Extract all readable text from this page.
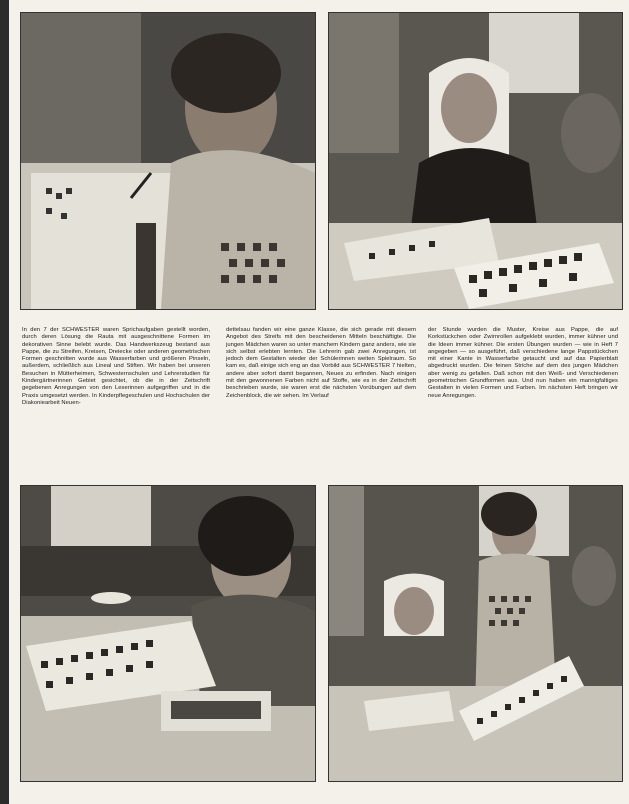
In den 7 der SCHWESTER waren Sprichaufgaben gestellt worden, durch deren Lösung die Rauta mit ausgeschnittene Formen im dekorativen Sinne belebt wurde. Das Handwerkszeug bestand aus Pappe, die zu Streifen, Kreisen, Dreiecke oder anderen geometrischen Formen geschnitten wurde aus Wasserfarben und größeren Pinseln, außerdem, schließlich aus Lineal und Stiften. Wir haben bei unseren Besuchen in Mütterheimen, Schwesternschulen und Lehrerstudien für Kindergärtnerinnen Gebiet gesichtet, ob die in der Zeitschrift gegebenen Anregungen von den Leserinnen aufgegriffen und in die Praxis umgesetzt werden. In Kinderpflegeschulen und Hochschulen der Diakoniearbeit Neuen-

dettelsau fanden wir eine ganze Klasse, die sich gerade mit diesem Angebot des Streifs mit den bescheidenen Mitteln beschäftigte. Die jungen Mädchen waren so unter manchem Kindern ganz anders, wie sie sich selbst erlebten lernten. Die Lehrerin gab zwei Anregungen, ist jedoch dem Gestalten wieder der Schülerinnen weiten Spielraum. So kam es, daß einige sich eng an das Vorbild aus SCHWESTER 7 hielten, andere aber sofort damit begannen, Neues zu erfinden. Nach einigen mit den gewonnenen Farben nicht auf Stoffe, wie es in der Zeitschrift beschrieben wurde, sie waren erst die nächsten Vorübungen auf dem Zeichenblock, die wir sehen. Im Verlauf

der Stunde wurden die Muster, Kreise aus Pappe, die auf Korkstückchen oder Zwirnrollen aufgeklebt wurden, immer kühner und die Ideen immer kühner. Die ersten Übungen wurden — wie in Heft 7 angegeben — so ausgeführt, daß verschiedene lange Pappstückchen mit einer Kante in Wasserfarbe getaucht und auf das Papierblatt abgedruckt wurden. Die feinen Striche auf dem des jungen Mädchen aber wenig zu gefallen. Daß schon mit den Weiß- und Verschiedenen geometrischen Grundformen aus. Und nun haben ein mannigfaltiges Gestalten in vielen Formen und Farben. Im nächsten Heft bringen wir neue Anregungen.
